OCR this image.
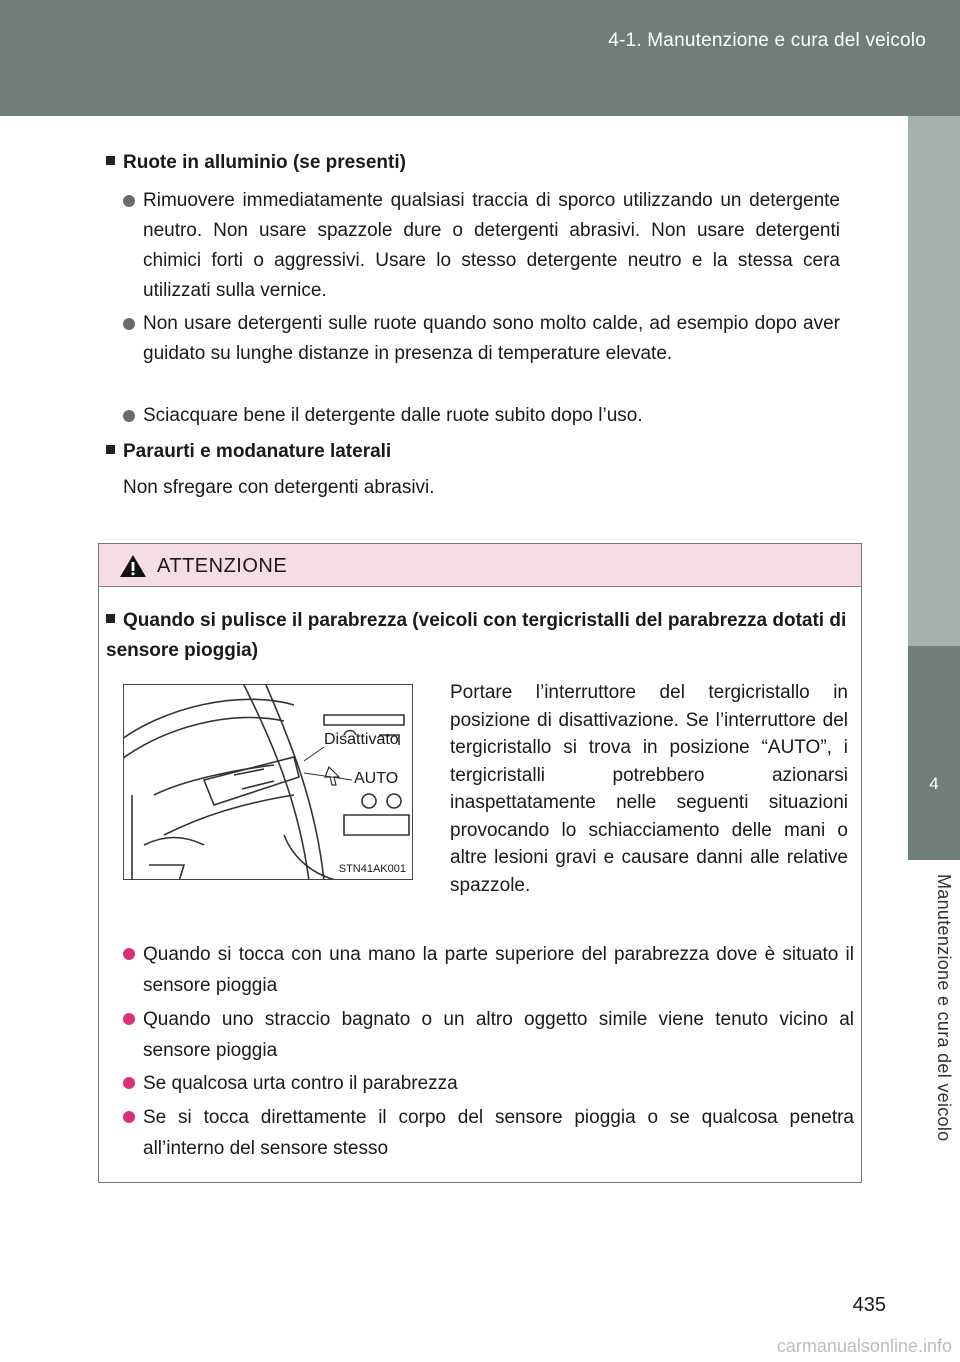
4-1. Manutenzione e cura del veicolo
4
Manutenzione e cura del veicolo
Ruote in alluminio (se presenti)
Rimuovere immediatamente qualsiasi traccia di sporco utilizzando un detergente neutro. Non usare spazzole dure o detergenti abrasivi. Non usare detergenti chimici forti o aggressivi. Usare lo stesso detergente neutro e la stessa cera utilizzati sulla vernice.
Non usare detergenti sulle ruote quando sono molto calde, ad esempio dopo aver guidato su lunghe distanze in presenza di temperature elevate.
Sciacquare bene il detergente dalle ruote subito dopo l’uso.
Paraurti e modanature laterali
Non sfregare con detergenti abrasivi.
ATTENZIONE
Quando si pulisce il parabrezza (veicoli con tergicristalli del parabrezza dotati di sensore pioggia)
Disattivato
AUTO
STN41AK001
Portare l’interruttore del tergicristallo in posizione di disattivazione. Se l’interruttore del tergicristallo si trova in posizione “AUTO”, i tergicristalli potrebbero azionarsi inaspettatamente nelle seguenti situazioni provocando lo schiacciamento delle mani o altre lesioni gravi e causare danni alle relative spazzole.
Quando si tocca con una mano la parte superiore del parabrezza dove è situato il sensore pioggia
Quando uno straccio bagnato o un altro oggetto simile viene tenuto vicino al sensore pioggia
Se qualcosa urta contro il parabrezza
Se si tocca direttamente il corpo del sensore pioggia o se qualcosa penetra all’interno del sensore stesso
435
carmanualsonline.info
